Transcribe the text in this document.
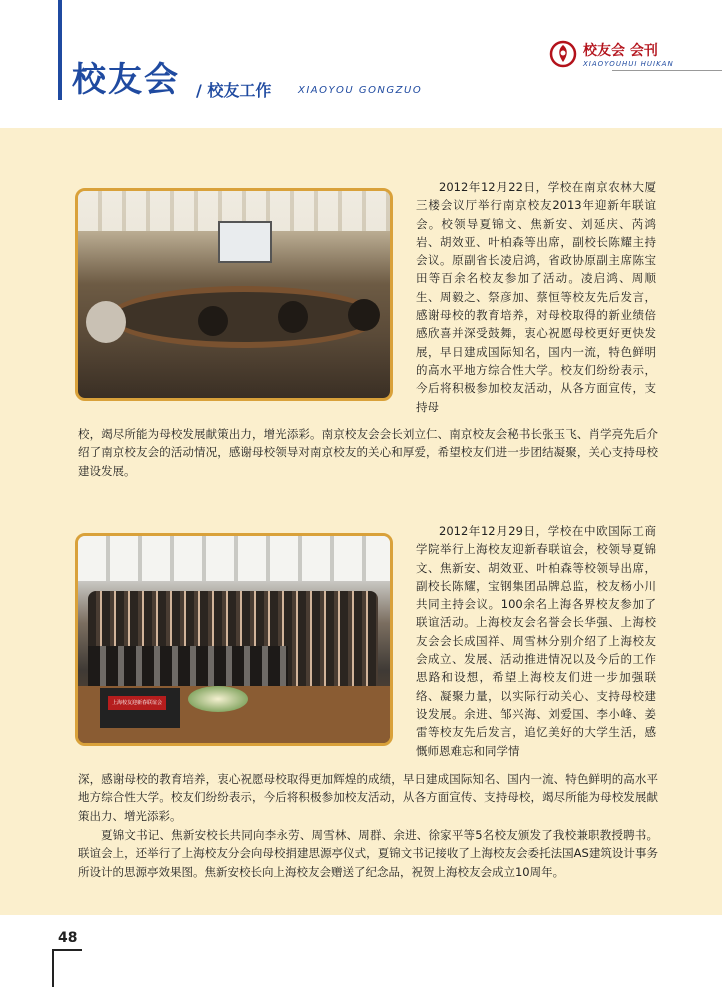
校友会 / 校友工作	XIAOYOU GONGZUO
校友会 会刊
XIAOYOUHUI HUIKAN
上海校友迎新春联谊会

2012年12月22日，学校在南京农林大厦三楼会议厅举行南京校友2013年迎新年联谊会。校领导夏锦文、焦新安、刘延庆、芮鸿岩、胡效亚、叶柏森等出席，副校长陈耀主持会议。原副省长凌启鸿，省政协原副主席陈宝田等百余名校友参加了活动。凌启鸿、周顺生、周毅之、祭彦加、蔡恒等校友先后发言，感谢母校的教育培养，对母校取得的新业绩倍感欣喜并深受鼓舞，衷心祝愿母校更好更快发展，早日建成国际知名，国内一流，特色鲜明的高水平地方综合性大学。校友们纷纷表示，今后将积极参加校友活动，从各方面宣传，支持母

校，竭尽所能为母校发展献策出力，增光添彩。南京校友会会长刘立仁、南京校友会秘书长张玉飞、肖学亮先后介绍了南京校友会的活动情况，感谢母校领导对南京校友的关心和厚爱，希望校友们进一步团结凝聚，关心支持母校建设发展。

2012年12月29日，学校在中欧国际工商学院举行上海校友迎新春联谊会，校领导夏锦文、焦新安、胡效亚、叶柏森等校领导出席，副校长陈耀，宝钢集团品牌总监，校友杨小川共同主持会议。100余名上海各界校友参加了联谊活动。上海校友会名誉会长华强、上海校友会会长成国祥、周雪林分别介绍了上海校友会成立、发展、活动推进情况以及今后的工作思路和设想，希望上海校友们进一步加强联络、凝聚力量，以实际行动关心、支持母校建设发展。余进、邹兴海、刘爱国、李小峰、姜雷等校友先后发言，追忆美好的大学生活，感慨师恩难忘和同学情

深，感谢母校的教育培养，衷心祝愿母校取得更加辉煌的成绩，早日建成国际知名、国内一流、特色鲜明的高水平地方综合性大学。校友们纷纷表示，今后将积极参加校友活动，从各方面宣传、支持母校，竭尽所能为母校发展献策出力、增光添彩。

夏锦文书记、焦新安校长共同向李永劳、周雪林、周群、余进、徐家平等5名校友颁发了我校兼职教授聘书。联谊会上，还举行了上海校友分会向母校捐建思源亭仪式，夏锦文书记接收了上海校友会委托法国AS建筑设计事务所设计的思源亭效果图。焦新安校长向上海校友会赠送了纪念品，祝贺上海校友会成立10周年。

48
